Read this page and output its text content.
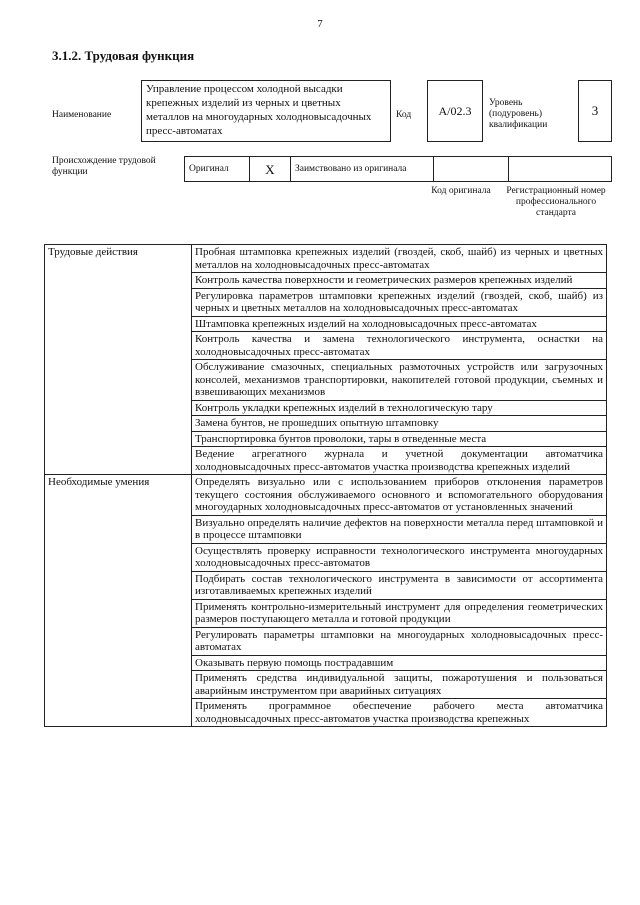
7
3.1.2. Трудовая функция
Наименование
Управление процессом холодной высадки крепежных изделий из черных и цветных металлов на многоударных холодновысадочных пресс-автоматах
Код	A/02.3
Уровень (подуровень) квалификации
3
Происхождение трудовой функции	Оригинал	X	Заимствовано из оригинала		
Код оригинала	Регистрационный номер профессионального стандарта
Трудовые действия	Пробная штамповка крепежных изделий (гвоздей, скоб, шайб) из черных и цветных металлов на холодновысадочных пресс-автоматах
	Контроль качества поверхности и геометрических размеров крепежных изделий
	Регулировка параметров штамповки крепежных изделий (гвоздей, скоб, шайб) из черных и цветных металлов на холодновысадочных пресс-автоматах
	Штамповка крепежных изделий на холодновысадочных пресс-автоматах
	Контроль качества и замена технологического инструмента, оснастки на холодновысадочных пресс-автоматах
	Обслуживание смазочных, специальных размоточных устройств или загрузочных консолей, механизмов транспортировки, накопителей готовой продукции, съемных и взвешивающих механизмов
	Контроль укладки крепежных изделий в технологическую тару
	Замена бунтов, не прошедших опытную штамповку
	Транспортировка бунтов проволоки, тары в отведенные места
	Ведение агрегатного журнала и учетной документации автоматчика холодновысадочных пресс-автоматов участка производства крепежных изделий
Необходимые умения	Определять визуально или с использованием приборов отклонения параметров текущего состояния обслуживаемого основного и вспомогательного оборудования многоударных холодновысадочных пресс-автоматов от установленных значений
	Визуально определять наличие дефектов на поверхности металла перед штамповкой и в процессе штамповки
	Осуществлять проверку исправности технологического инструмента многоударных холодновысадочных пресс-автоматов
	Подбирать состав технологического инструмента в зависимости от ассортимента изготавливаемых крепежных изделий
	Применять контрольно-измерительный инструмент для определения геометрических размеров поступающего металла и готовой продукции
	Регулировать параметры штамповки на многоударных холодновысадочных пресс-автоматах
	Оказывать первую помощь пострадавшим
	Применять средства индивидуальной защиты, пожаротушения и пользоваться аварийным инструментом при аварийных ситуациях
	Применять программное обеспечение рабочего места автоматчика холодновысадочных пресс-автоматов участка производства крепежных
